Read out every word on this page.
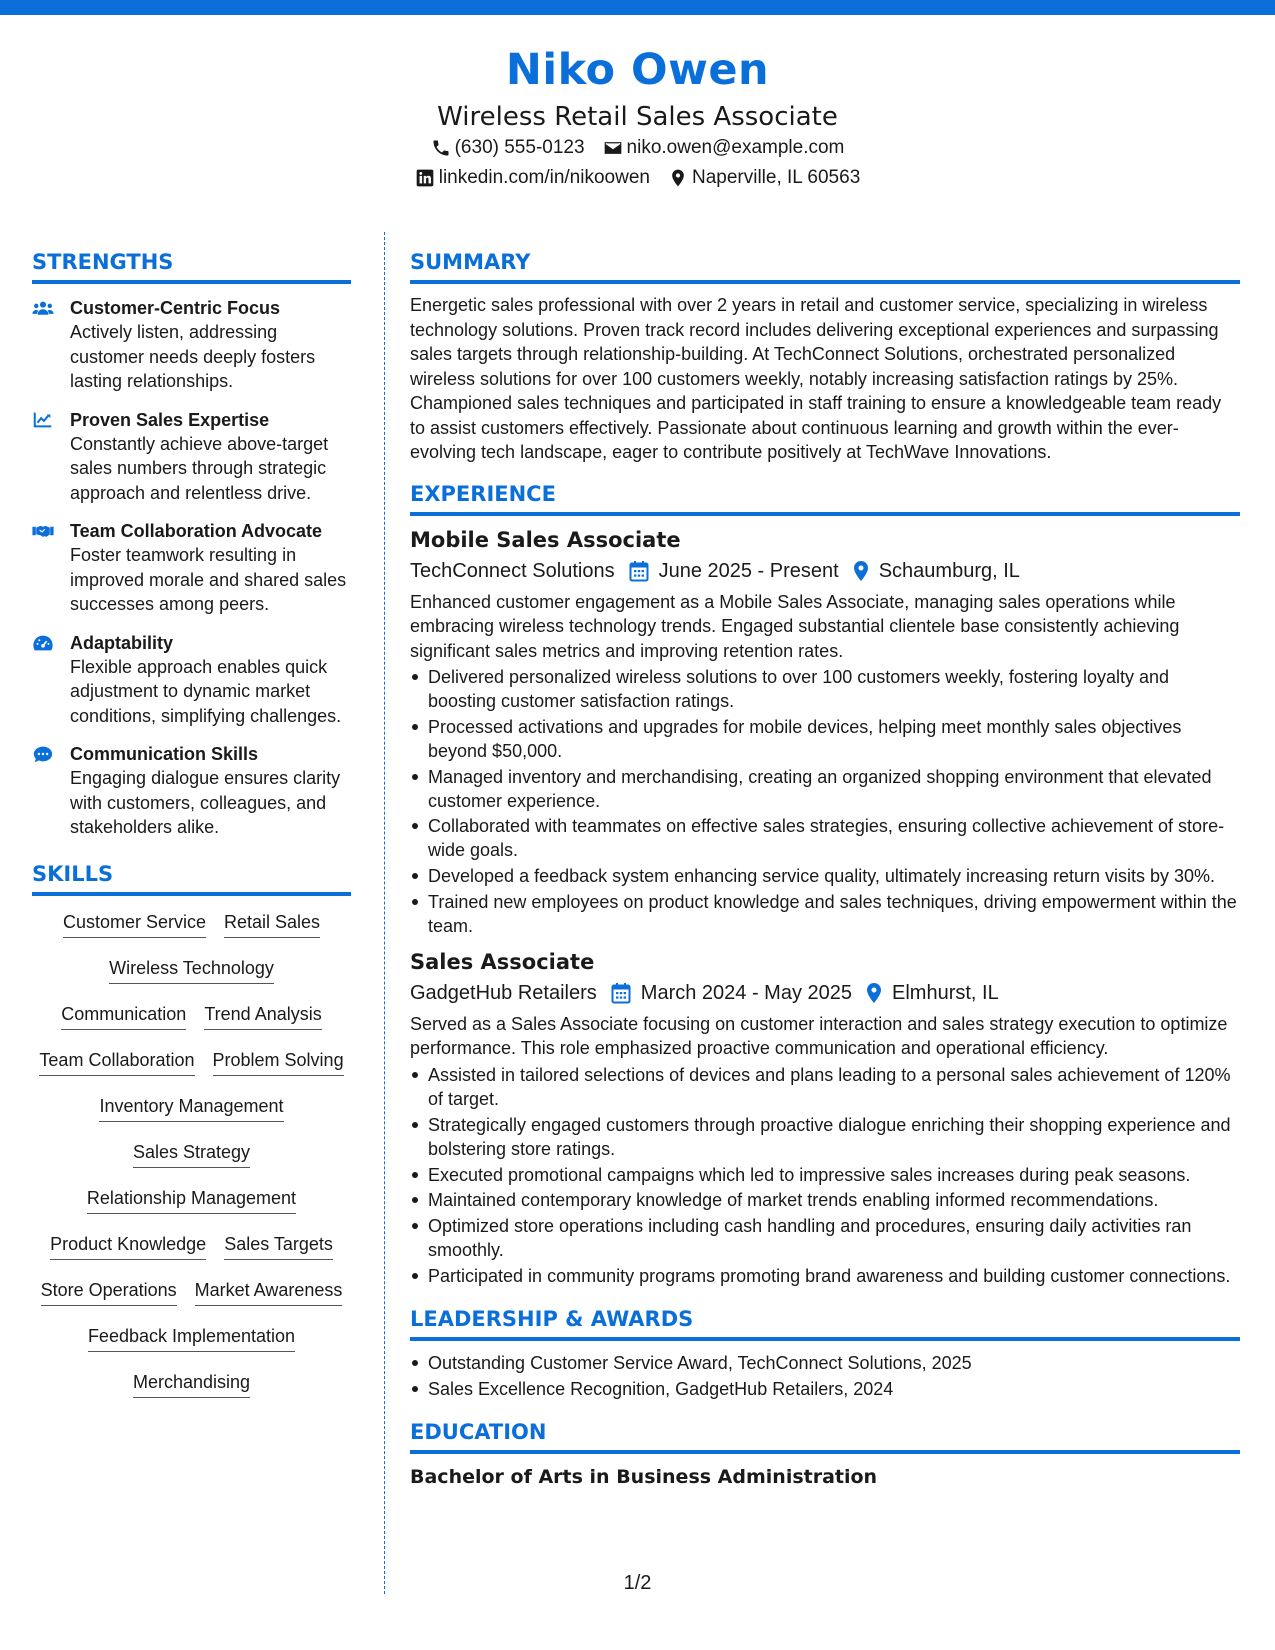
Niko Owen
Wireless Retail Sales Associate
(630) 555-0123 niko.owen@example.com
linkedin.com/in/nikoowen Naperville, IL 60563
STRENGTHS
Customer-Centric Focus
Actively listen, addressing customer needs deeply fosters lasting relationships.
Proven Sales Expertise
Constantly achieve above-target sales numbers through strategic approach and relentless drive.
Team Collaboration Advocate
Foster teamwork resulting in improved morale and shared sales successes among peers.
Adaptability
Flexible approach enables quick adjustment to dynamic market conditions, simplifying challenges.
Communication Skills
Engaging dialogue ensures clarity with customers, colleagues, and stakeholders alike.
SKILLS
Customer Service Retail Sales
Wireless Technology
Communication Trend Analysis
Team Collaboration Problem Solving
Inventory Management
Sales Strategy
Relationship Management
Product Knowledge Sales Targets
Store Operations Market Awareness
Feedback Implementation
Merchandising
SUMMARY
Energetic sales professional with over 2 years in retail and customer service, specializing in wireless technology solutions. Proven track record includes delivering exceptional experiences and surpassing sales targets through relationship-building. At TechConnect Solutions, orchestrated personalized wireless solutions for over 100 customers weekly, notably increasing satisfaction ratings by 25%. Championed sales techniques and participated in staff training to ensure a knowledgeable team ready to assist customers effectively. Passionate about continuous learning and growth within the ever-evolving tech landscape, eager to contribute positively at TechWave Innovations.
EXPERIENCE
Mobile Sales Associate
TechConnect Solutions June 2025 - Present Schaumburg, IL
Enhanced customer engagement as a Mobile Sales Associate, managing sales operations while embracing wireless technology trends. Engaged substantial clientele base consistently achieving significant sales metrics and improving retention rates.
Delivered personalized wireless solutions to over 100 customers weekly, fostering loyalty and boosting customer satisfaction ratings.
Processed activations and upgrades for mobile devices, helping meet monthly sales objectives beyond $50,000.
Managed inventory and merchandising, creating an organized shopping environment that elevated customer experience.
Collaborated with teammates on effective sales strategies, ensuring collective achievement of store-wide goals.
Developed a feedback system enhancing service quality, ultimately increasing return visits by 30%.
Trained new employees on product knowledge and sales techniques, driving empowerment within the team.
Sales Associate
GadgetHub Retailers March 2024 - May 2025 Elmhurst, IL
Served as a Sales Associate focusing on customer interaction and sales strategy execution to optimize performance. This role emphasized proactive communication and operational efficiency.
Assisted in tailored selections of devices and plans leading to a personal sales achievement of 120% of target.
Strategically engaged customers through proactive dialogue enriching their shopping experience and bolstering store ratings.
Executed promotional campaigns which led to impressive sales increases during peak seasons.
Maintained contemporary knowledge of market trends enabling informed recommendations.
Optimized store operations including cash handling and procedures, ensuring daily activities ran smoothly.
Participated in community programs promoting brand awareness and building customer connections.
LEADERSHIP & AWARDS
Outstanding Customer Service Award, TechConnect Solutions, 2025
Sales Excellence Recognition, GadgetHub Retailers, 2024
EDUCATION
Bachelor of Arts in Business Administration
1/2
